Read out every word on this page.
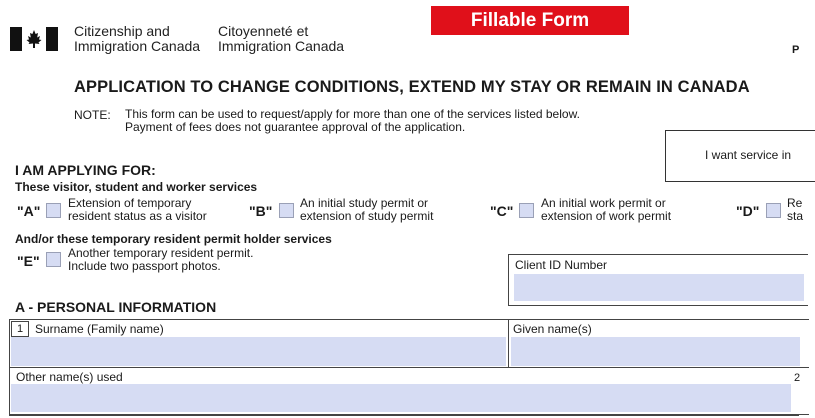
Citizenship and
Immigration Canada
Citoyenneté et
Immigration Canada
Fillable Form
P
APPLICATION TO CHANGE CONDITIONS, EXTEND MY STAY OR REMAIN IN CANADA
NOTE: This form can be used to request/apply for more than one of the services listed below.
Payment of fees does not guarantee approval of the application.
I want service in
I AM APPLYING FOR:
These visitor, student and worker services
"A" Extension of temporary
resident status as a visitor	"B" An initial study permit or
extension of study permit	"C" An initial work permit or
extension of work permit	"D" Re
sta
And/or these temporary resident permit holder services
"E" Another temporary resident permit.
Include two passport photos.	Client ID Number
A - PERSONAL INFORMATION
1 Surname (Family name)	Given name(s)
Other name(s) used	2
